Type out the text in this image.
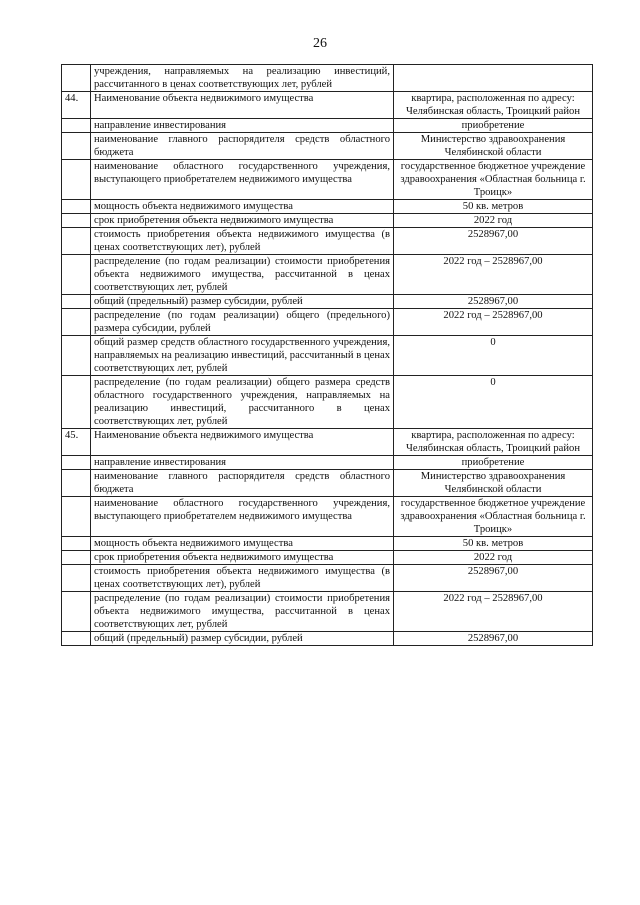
26
	учреждения, направляемых на реализацию инвестиций, рассчитанного в ценах соответствующих лет, рублей	
44.	Наименование объекта недвижимого имущества	квартира, расположенная по адресу: Челябинская область, Троицкий район
	направление инвестирования	приобретение
	наименование главного распорядителя средств областного бюджета	Министерство здравоохранения Челябинской области
	наименование областного государственного учреждения, выступающего приобретателем недвижимого имущества	государственное бюджетное учреждение здравоохранения «Областная больница г. Троицк»
	мощность объекта недвижимого имущества	50 кв. метров
	срок приобретения объекта недвижимого имущества	2022 год
	стоимость приобретения объекта недвижимого имущества (в ценах соответствующих лет), рублей	2528967,00
	распределение (по годам реализации) стоимости приобретения объекта недвижимого имущества, рассчитанной в ценах соответствующих лет, рублей	2022 год – 2528967,00
	общий (предельный) размер субсидии, рублей	2528967,00
	распределение (по годам реализации) общего (предельного) размера субсидии, рублей	2022 год – 2528967,00
	общий размер средств областного государственного учреждения, направляемых на реализацию инвестиций, рассчитанный в ценах соответствующих лет, рублей	0
	распределение (по годам реализации) общего размера средств областного государственного учреждения, направляемых на реализацию инвестиций, рассчитанного в ценах соответствующих лет, рублей	0
45.	Наименование объекта недвижимого имущества	квартира, расположенная по адресу: Челябинская область, Троицкий район
	направление инвестирования	приобретение
	наименование главного распорядителя средств областного бюджета	Министерство здравоохранения Челябинской области
	наименование областного государственного учреждения, выступающего приобретателем недвижимого имущества	государственное бюджетное учреждение здравоохранения «Областная больница г. Троицк»
	мощность объекта недвижимого имущества	50 кв. метров
	срок приобретения объекта недвижимого имущества	2022 год
	стоимость приобретения объекта недвижимого имущества (в ценах соответствующих лет), рублей	2528967,00
	распределение (по годам реализации) стоимости приобретения объекта недвижимого имущества, рассчитанной в ценах соответствующих лет, рублей	2022 год – 2528967,00
	общий (предельный) размер субсидии, рублей	2528967,00
